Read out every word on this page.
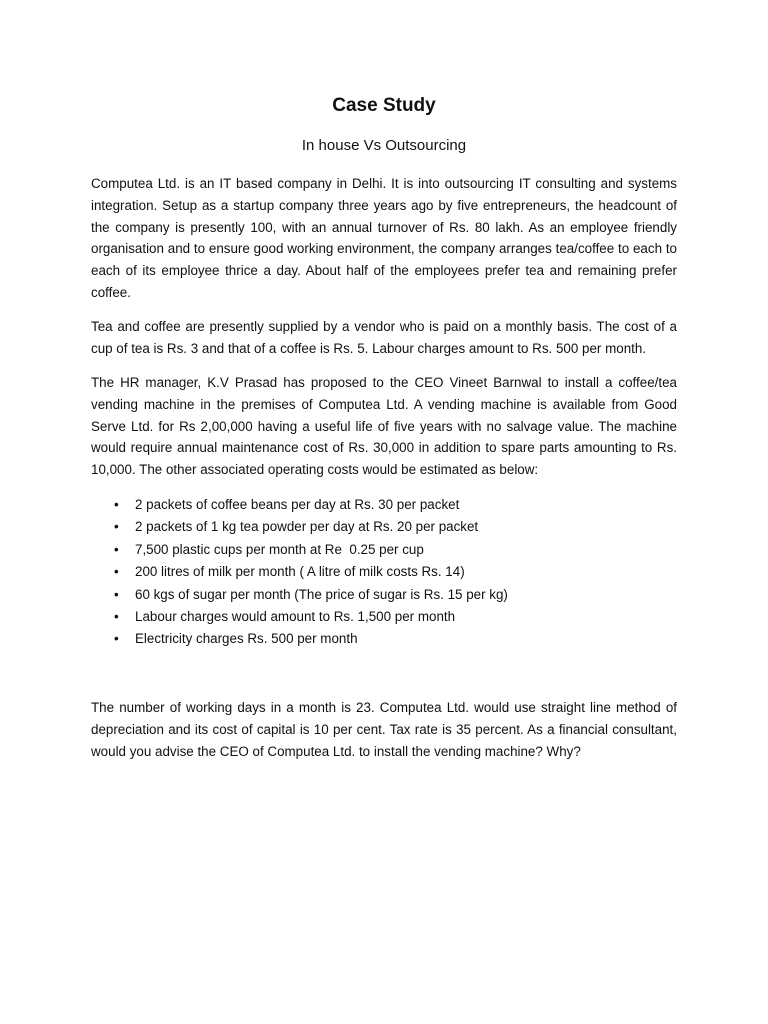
Case Study
In house Vs Outsourcing

Computea Ltd. is an IT based company in Delhi. It is into outsourcing IT consulting and systems integration. Setup as a startup company three years ago by five entrepreneurs, the headcount of the company is presently 100, with an annual turnover of Rs. 80 lakh. As an employee friendly organisation and to ensure good working environment, the company arranges tea/coffee to each to each of its employee thrice a day. About half of the employees prefer tea and remaining prefer coffee.

Tea and coffee are presently supplied by a vendor who is paid on a monthly basis. The cost of a cup of tea is Rs. 3 and that of a coffee is Rs. 5. Labour charges amount to Rs. 500 per month.

The HR manager, K.V Prasad has proposed to the CEO Vineet Barnwal to install a coffee/tea vending machine in the premises of Computea Ltd. A vending machine is available from Good Serve Ltd. for Rs 2,00,000 having a useful life of five years with no salvage value. The machine would require annual maintenance cost of Rs. 30,000 in addition to spare parts amounting to Rs. 10,000. The other associated operating costs would be estimated as below:

• 2 packets of coffee beans per day at Rs. 30 per packet
• 2 packets of 1 kg tea powder per day at Rs. 20 per packet
• 7,500 plastic cups per month at Re  0.25 per cup
• 200 litres of milk per month ( A litre of milk costs Rs. 14)
• 60 kgs of sugar per month (The price of sugar is Rs. 15 per kg)
• Labour charges would amount to Rs. 1,500 per month
• Electricity charges Rs. 500 per month

The number of working days in a month is 23. Computea Ltd. would use straight line method of depreciation and its cost of capital is 10 per cent. Tax rate is 35 percent. As a financial consultant, would you advise the CEO of Computea Ltd. to install the vending machine? Why?
